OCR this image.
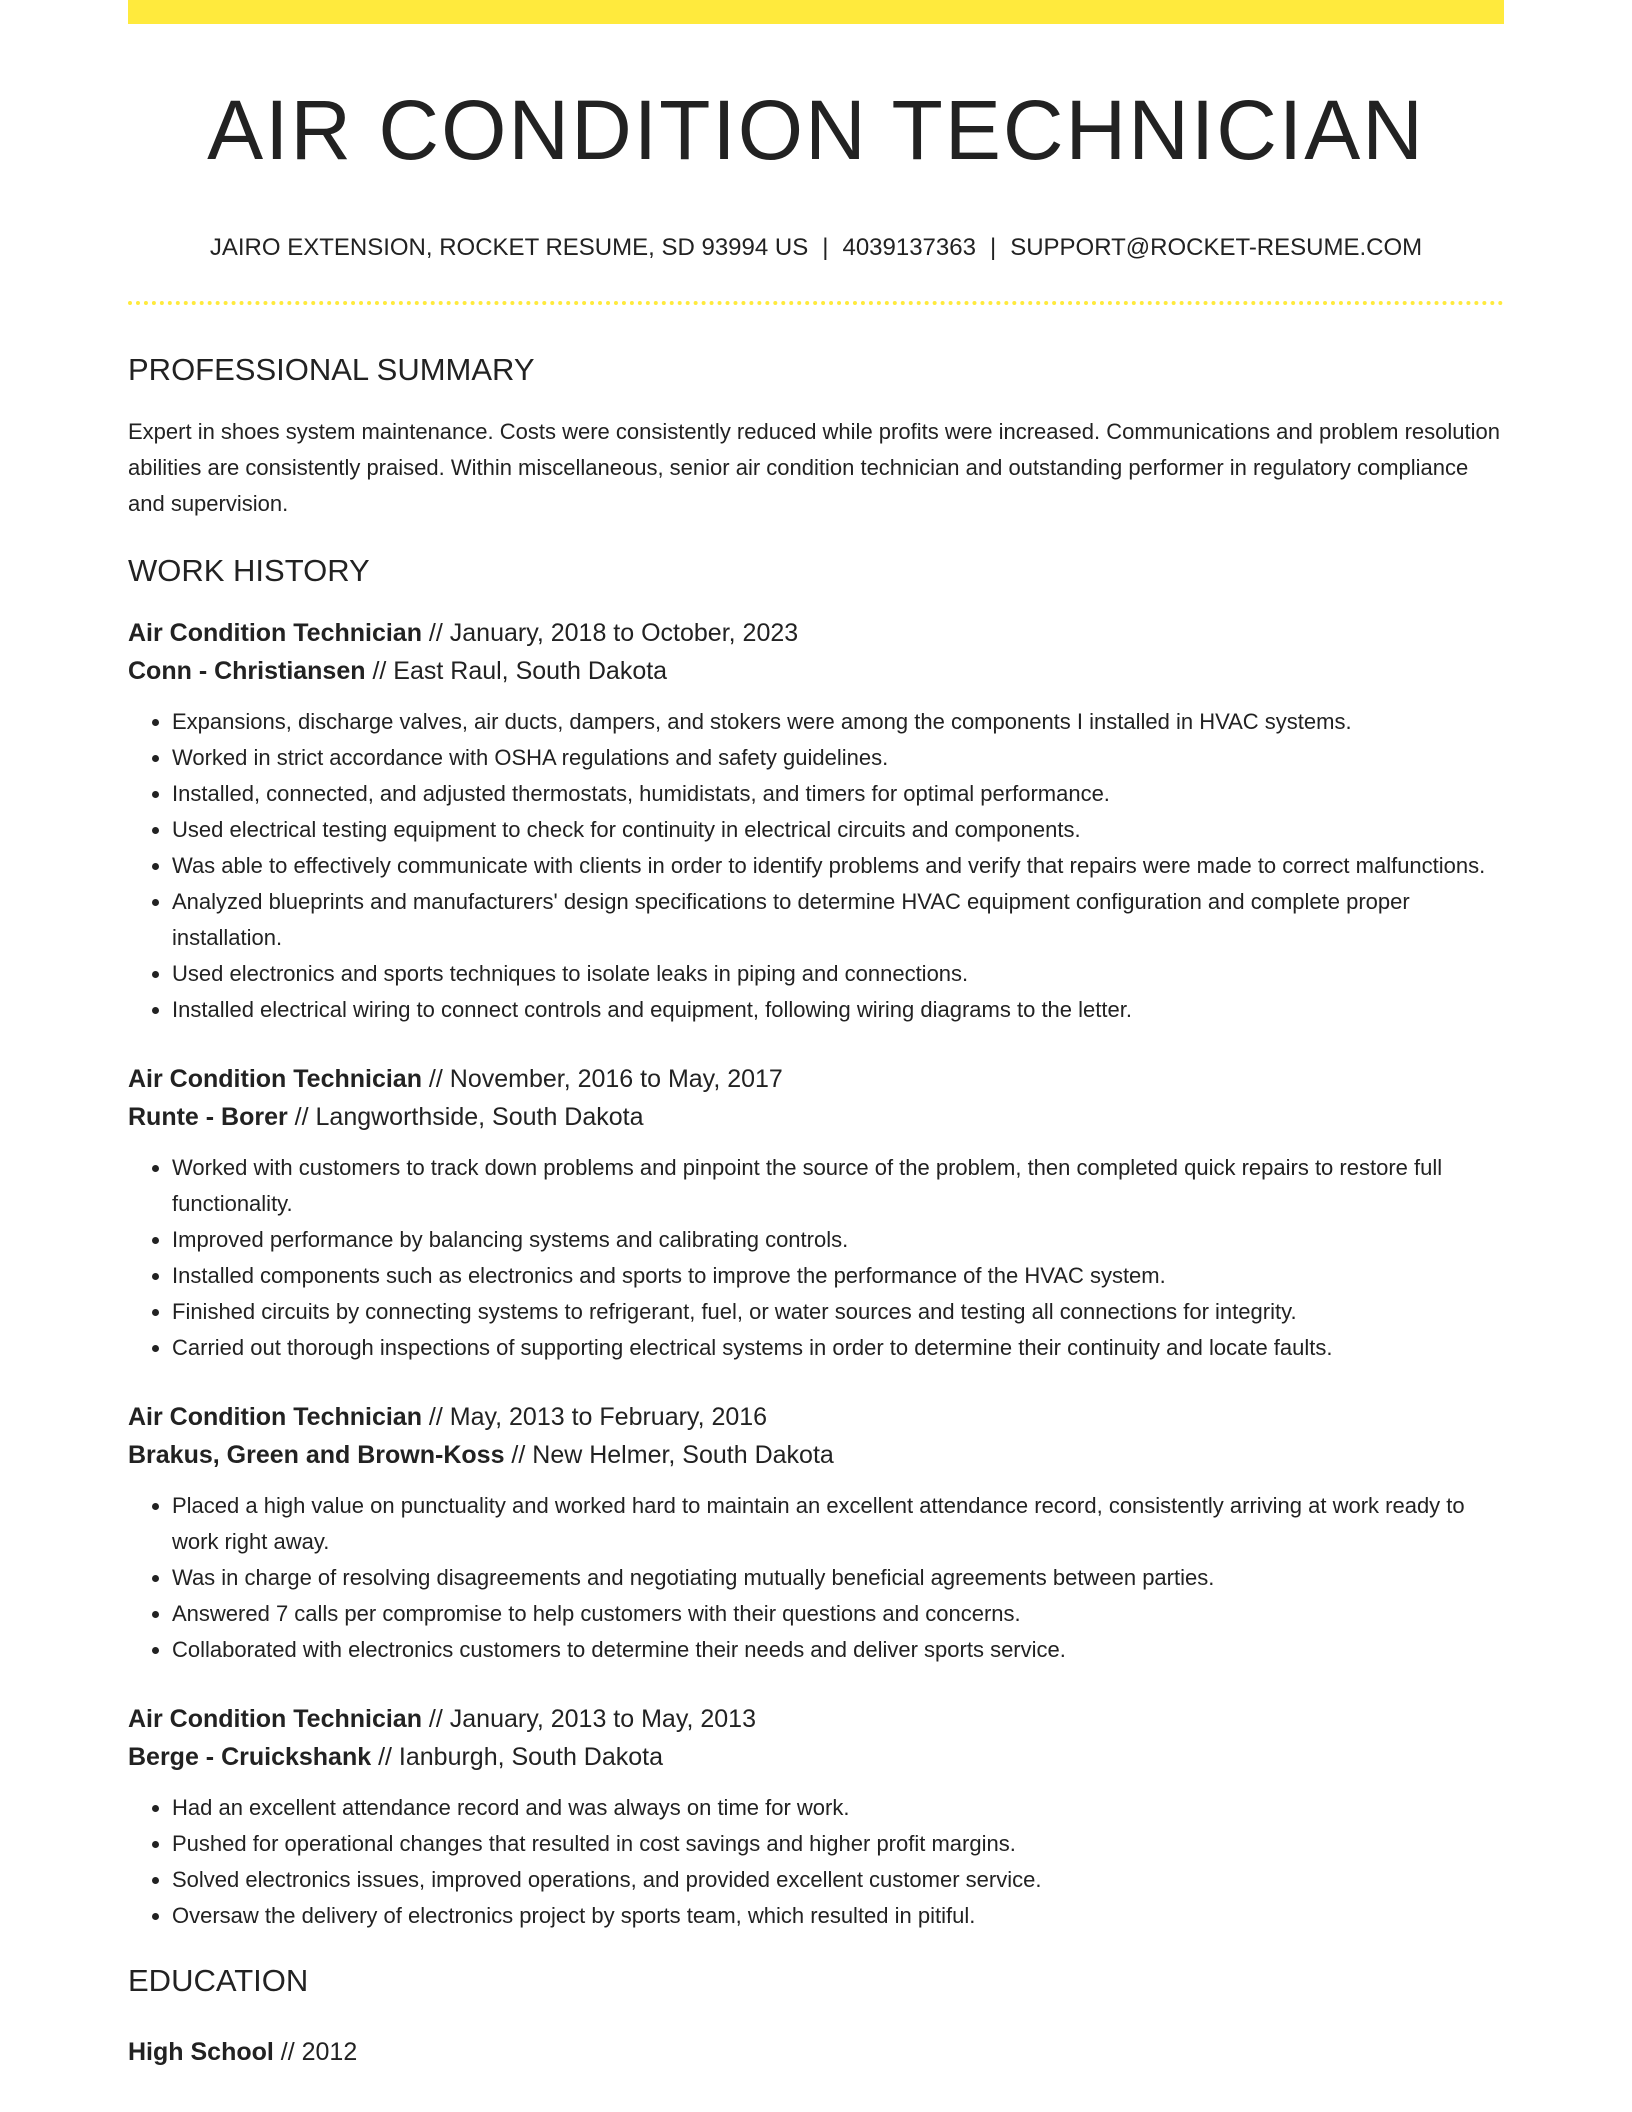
AIR CONDITION TECHNICIAN
JAIRO EXTENSION, ROCKET RESUME, SD 93994 US | 4039137363 | SUPPORT@ROCKET-RESUME.COM
PROFESSIONAL SUMMARY
Expert in shoes system maintenance. Costs were consistently reduced while profits were increased. Communications and problem resolution abilities are consistently praised. Within miscellaneous, senior air condition technician and outstanding performer in regulatory compliance and supervision.
WORK HISTORY
Air Condition Technician // January, 2018 to October, 2023
Conn - Christiansen // East Raul, South Dakota
• Expansions, discharge valves, air ducts, dampers, and stokers were among the components I installed in HVAC systems.
• Worked in strict accordance with OSHA regulations and safety guidelines.
• Installed, connected, and adjusted thermostats, humidistats, and timers for optimal performance.
• Used electrical testing equipment to check for continuity in electrical circuits and components.
• Was able to effectively communicate with clients in order to identify problems and verify that repairs were made to correct malfunctions.
• Analyzed blueprints and manufacturers' design specifications to determine HVAC equipment configuration and complete proper installation.
• Used electronics and sports techniques to isolate leaks in piping and connections.
• Installed electrical wiring to connect controls and equipment, following wiring diagrams to the letter.
Air Condition Technician // November, 2016 to May, 2017
Runte - Borer // Langworthside, South Dakota
• Worked with customers to track down problems and pinpoint the source of the problem, then completed quick repairs to restore full functionality.
• Improved performance by balancing systems and calibrating controls.
• Installed components such as electronics and sports to improve the performance of the HVAC system.
• Finished circuits by connecting systems to refrigerant, fuel, or water sources and testing all connections for integrity.
• Carried out thorough inspections of supporting electrical systems in order to determine their continuity and locate faults.
Air Condition Technician // May, 2013 to February, 2016
Brakus, Green and Brown-Koss // New Helmer, South Dakota
• Placed a high value on punctuality and worked hard to maintain an excellent attendance record, consistently arriving at work ready to work right away.
• Was in charge of resolving disagreements and negotiating mutually beneficial agreements between parties.
• Answered 7 calls per compromise to help customers with their questions and concerns.
• Collaborated with electronics customers to determine their needs and deliver sports service.
Air Condition Technician // January, 2013 to May, 2013
Berge - Cruickshank // Ianburgh, South Dakota
• Had an excellent attendance record and was always on time for work.
• Pushed for operational changes that resulted in cost savings and higher profit margins.
• Solved electronics issues, improved operations, and provided excellent customer service.
• Oversaw the delivery of electronics project by sports team, which resulted in pitiful.
EDUCATION
High School // 2012
